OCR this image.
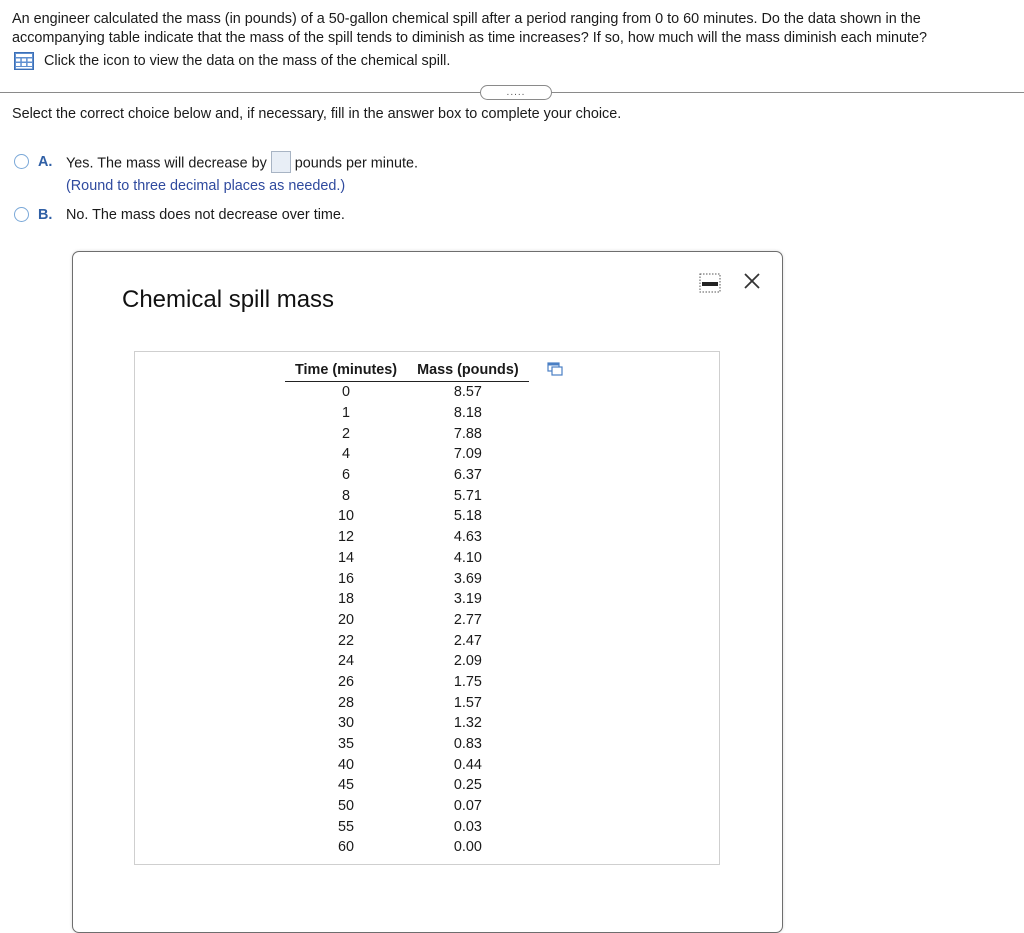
An engineer calculated the mass (in pounds) of a 50-gallon chemical spill after a period ranging from 0 to 60 minutes. Do the data shown in the accompanying table indicate that the mass of the spill tends to diminish as time increases? If so, how much will the mass diminish each minute?
Click the icon to view the data on the mass of the chemical spill.
.....
Select the correct choice below and, if necessary, fill in the answer box to complete your choice.
A. Yes. The mass will decrease by pounds per minute.
(Round to three decimal places as needed.)
B. No. The mass does not decrease over time.
Chemical spill mass
Time (minutes)	Mass (pounds)
0	8.57
1	8.18
2	7.88
4	7.09
6	6.37
8	5.71
10	5.18
12	4.63
14	4.10
16	3.69
18	3.19
20	2.77
22	2.47
24	2.09
26	1.75
28	1.57
30	1.32
35	0.83
40	0.44
45	0.25
50	0.07
55	0.03
60	0.00
